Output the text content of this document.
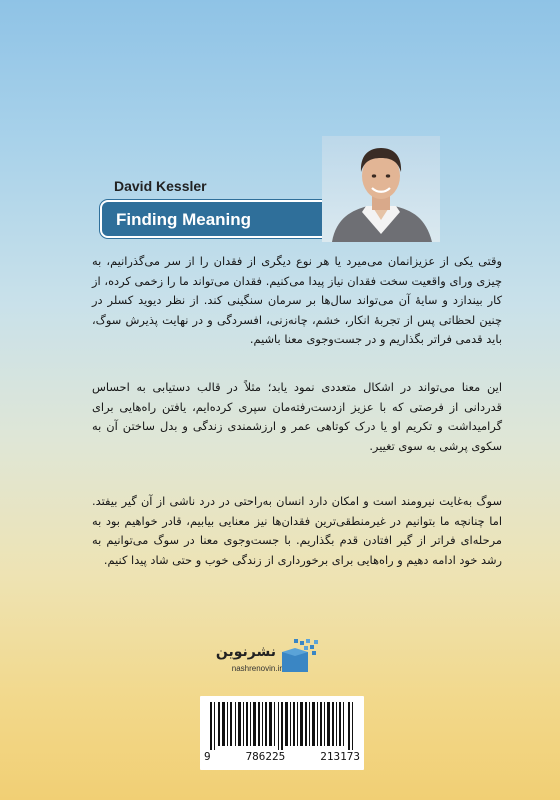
David Kessler
Finding Meaning

وقتی یکی از عزیزانمان می‌میرد یا هر نوع دیگری از فقدان را از سر می‌گذرانیم، به چیزی ورای واقعیت سخت فقدان نیاز پیدا می‌کنیم. فقدان می‌تواند ما را زخمی کرده، از کار بیندازد و سایهٔ آن می‌تواند سال‌ها بر سرمان سنگینی کند. از نظر دیوید کسلر در چنین لحظاتی پس از تجربهٔ انکار، خشم، چانه‌زنی، افسردگی و در نهایت پذیرش سوگ، باید قدمی فراتر بگذاریم و در جست‌وجوی معنا باشیم.

این معنا می‌تواند در اشکال متعددی نمود یابد؛ مثلاً در قالب دستیابی به احساس قدردانی از فرصتی که با عزیز ازدست‌رفته‌مان سپری کرده‌ایم، یافتن راه‌هایی برای گرامیداشت و تکریم او یا درک کوتاهی عمر و ارزشمندی زندگی و بدل ساختن آن به سکوی پرشی به سوی تغییر.

سوگ به‌غایت نیرومند است و امکان دارد انسان به‌راحتی در درد ناشی از آن گیر بیفتد. اما چنانچه ما بتوانیم در غیرمنطقی‌ترین فقدان‌ها نیز معنایی بیابیم، قادر خواهیم بود به مرحله‌ای فراتر از گیر افتادن قدم بگذاریم. با جست‌وجوی معنا در سوگ می‌توانیم به رشد خود ادامه دهیم و راه‌هایی برای برخورداری از زندگی خوب و حتی شاد پیدا کنیم.

نشرنوین
nashrenovin.ir
9	786225	213173
